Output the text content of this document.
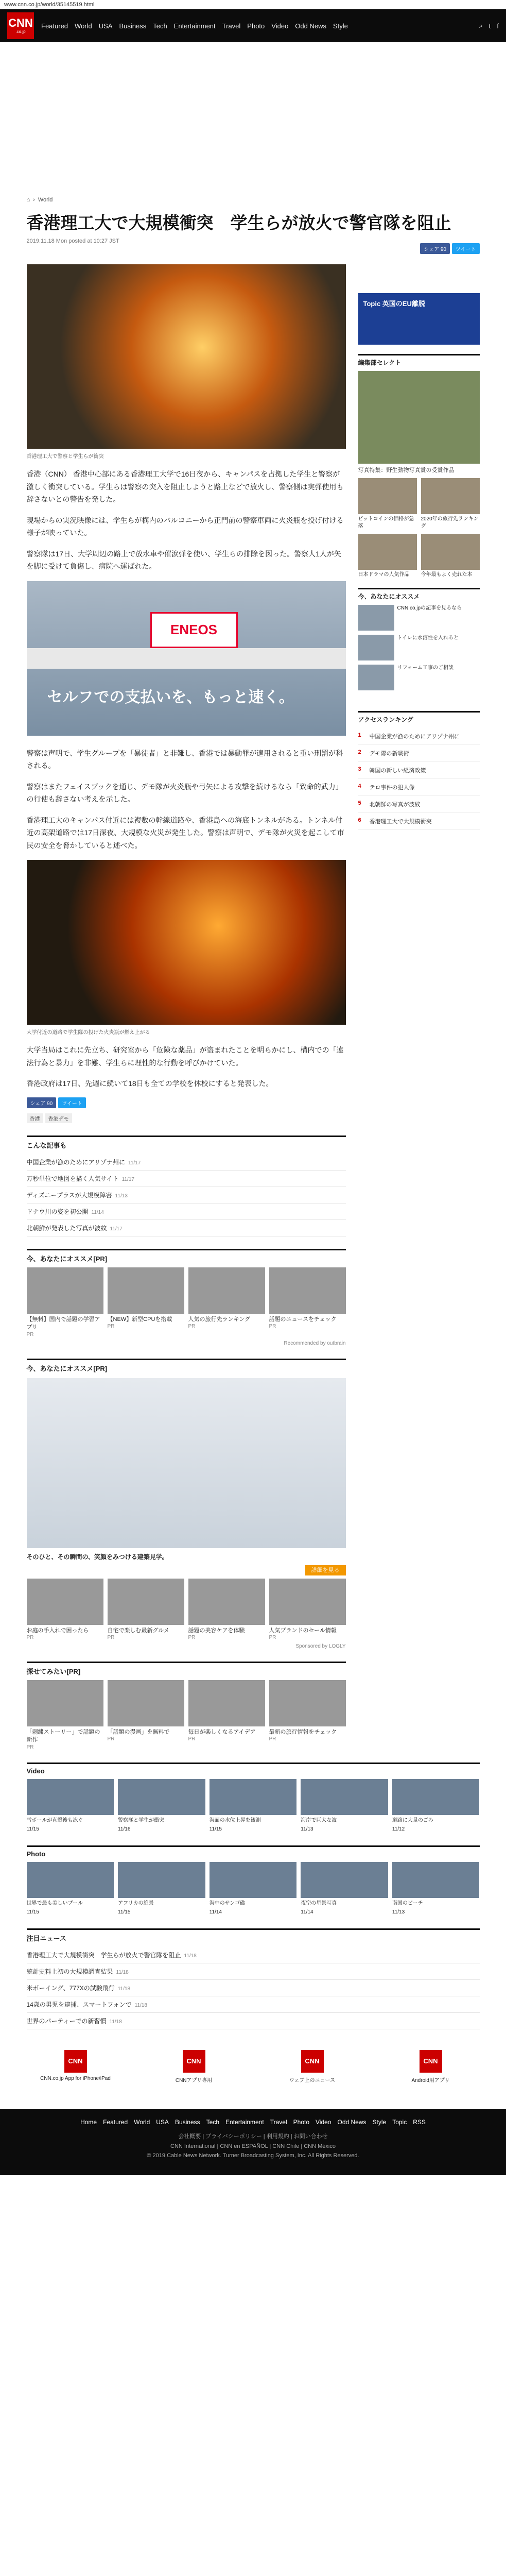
www.cnn.co.jp/world/35145519.html
CNN
.co.jp
Featured World USA Business Tech Entertainment Travel Photo Video Odd News Style	⌕ t f
⌂ › World
香港理工大で大規模衝突　学生らが放火で警官隊を阻止
2019.11.18 Mon posted at 10:27 JST
シェア 90	ツイート
香港理工大で警察と学生らが衝突

香港（CNN） 香港中心部にある香港理工大学で16日夜から、キャンパスを占拠した学生と警察が激しく衝突している。学生らは警察の突入を阻止しようと路上などで放火し、警察側は実弾使用も辞さないとの警告を発した。

現場からの実況映像には、学生らが構内のバルコニーから正門前の警察車両に火炎瓶を投げ付ける様子が映っていた。

警察隊は17日、大学周辺の路上で放水車や催涙弾を使い、学生らの排除を図った。警察人1人が矢を脚に受けて負傷し、病院へ運ばれた。

ENEOS
セルフでの支払いを、もっと速く。

警察は声明で、学生グループを「暴徒者」と非難し、香港では暴動罪が適用されると重い刑罰が科される。

警察はまたフェイスブックを通じ、デモ隊が火炎瓶や弓矢による攻撃を続けるなら「致命的武力」の行使も辞さない考えを示した。

香港理工大のキャンパス付近には複数の幹線道路や、香港島への海底トンネルがある。トンネル付近の高架道路では17日深夜、大規模な火災が発生した。警察は声明で、デモ隊が火災を起こして市民の安全を脅かしていると述べた。

大学付近の道路で学生隊の投げた火炎瓶が燃え上がる

大学当局はこれに先立ち、研究室から「危険な薬品」が盗まれたことを明らかにし、構内での「違法行為と暴力」を非難、学生らに理性的な行動を呼びかけていた。

香港政府は17日、先週に続いて18日も全ての学校を休校にすると発表した。

シェア 90	ツイート
香港	香港デモ
こんな記事も
中国企業が漁のためにアリゾナ州に 11/17
万秒単位で地図を描く人気サイト 11/17
ディズニープラスが大規模障害 11/13
ドナウ川の姿を初公開 11/14
北朝鮮が発表した写真が波紋 11/17
今、あなたにオススメ[PR]

【無料】国内で話題の学習アプリ

PR

【NEW】新型CPUを搭載

PR

人気の旅行先ランキング

PR

話題のニュースをチェック

PR
Recommended by outbrain
今、あなたにオススメ[PR]
そのひと、その瞬間の、笑顔をみつける建築見学。
詳細を見る

お庭の手入れで困ったら

PR

自宅で楽しむ最新グルメ

PR

話題の美容ケアを体験

PR

人気ブランドのセール情報

PR
Sponsored by LOGLY
探せてみたい[PR]

「刺繍ストーリー」で話題の新作

PR

「話題の漫画」を無料で

PR

毎日が楽しくなるアイデア

PR

最新の旅行情報をチェック

PR
Topic 英国のEU離脱
編集部セレクト

写真特集：野生動物写真賞の受賞作品

ビットコインの価格が急落

2020年の旅行先ランキング

日本ドラマの人気作品	今年最もよく売れた本

今、あなたにオススメ

CNN.co.jpの記事を見るなら

トイレに水溶性を入れると

リフォーム工事のご相談

アクセスランキング
1 中国企業が漁のためにアリゾナ州に
2 デモ隊の新戦術
3 韓国の新しい経済政策
4 テロ事件の犯人像
5 北朝鮮の写真が波紋
6 香港理工大で大規模衝突
Video

雪ボールが直撃後も泳ぐ

11/15

警察隊と学生が衝突

11/16

海面の水位上昇を観測

11/15

海岸で巨大な波

11/13

道路に大量のごみ

11/12

Photo

世界で最も美しいプール

11/15

アフリカの絶景

11/15

海中のサンゴ礁

11/14

夜空の星景写真

11/14

南国のビーチ

11/13

注目ニュース
香港理工大で大規模衝突　学生らが放火で警官隊を阻止 11/18
統計史料上初の大規模調査結果 11/18
米ボーイング、777Xの試験飛行 11/18
14歳の男児を逮捕、スマートフォンで 11/18
世界のパーティーでの新習慣 11/18
CNN
CNN.co.jp App for iPhone/iPad
CNN
CNNアプリ専用
CNN
ウェブ上のニュース
CNN
Android用アプリ
Home Featured World USA Business Tech Entertainment Travel Photo Video Odd News Style Topic RSS
会社概要 | プライバシーポリシー | 利用規約 | お問い合わせ
CNN International | CNN en ESPAÑOL | CNN Chile | CNN México
© 2019 Cable News Network. Turner Broadcasting System, Inc. All Rights Reserved.
